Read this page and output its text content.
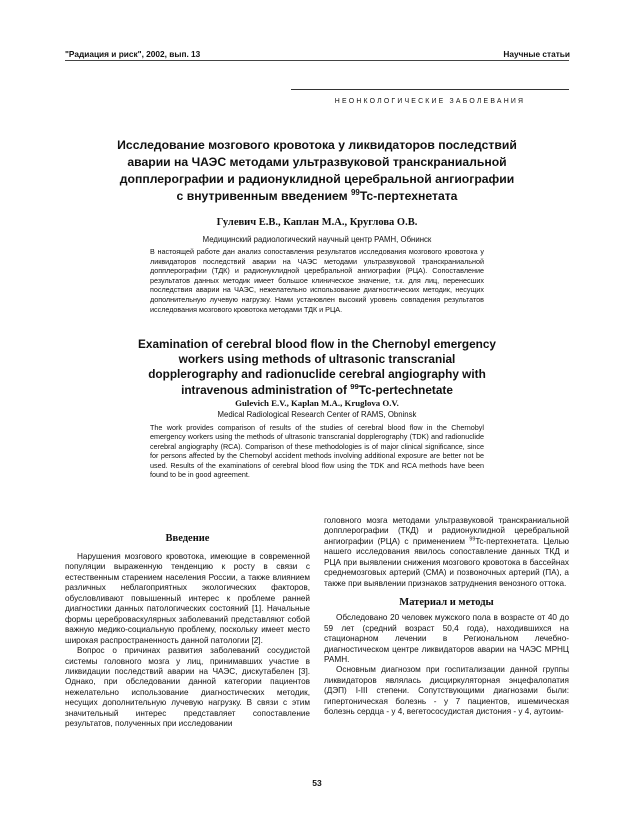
"Радиация и риск", 2002, вып. 13	Научные статьи
НЕОНКОЛОГИЧЕСКИЕ ЗАБОЛЕВАНИЯ
Исследование мозгового кровотока у ликвидаторов последствий
аварии на ЧАЭС методами ультразвуковой транскраниальной
допплерографии и радионуклидной церебральной ангиографии
с внутривенным введением $^{99}$Tc-пертехнетата
Гулевич Е.В., Каплан М.А., Круглова О.В.
Медицинский радиологический научный центр РАМН, Обнинск
В настоящей работе дан анализ сопоставления результатов исследования мозгового кровотока у ликвидаторов последствий аварии на ЧАЭС методами ультразвуковой транскраниальной допплерографии (ТДК) и радионуклидной церебральной ангиографии (РЦА). Сопоставление результатов данных методик имеет большое клиническое значение, т.к. для лиц, перенесших последствия аварии на ЧАЭС, нежелательно использование диагностических методик, несущих дополнительную лучевую нагрузку. Нами установлен высокий уровень совпадения результатов исследования мозгового кровотока методами ТДК и РЦА.
Examination of cerebral blood flow in the Chernobyl emergency
workers using methods of ultrasonic transcranial
dopplerography and radionuclide cerebral angiography with
intravenous administration of $^{99}$Tc-pertechnetate
Gulevich E.V., Kaplan M.A., Kruglova O.V.
Medical Radiological Research Center of RAMS, Obninsk
The work provides comparison of results of the studies of cerebral blood flow in the Chernobyl emergency workers using the methods of ultrasonic transcranial dopplerography (TDK) and radionuclide cerebral angiography (RCA). Comparison of these methodologies is of major clinical significance, since for persons affected by the Chernobyl accident methods involving additional exposure are better not be used. Results of the examinations of cerebral blood flow using the TDK and RCA methods have been found to be in good agreement.
Введение

Нарушения мозгового кровотока, имеющие в современной популяции выраженную тенденцию к росту в связи с естественным старением населения России, а также влиянием различных неблагоприятных экологических факторов, обусловливают повышенный интерес к проблеме ранней диагностики данных патологических состояний [1]. Начальные формы цереброваскулярных заболеваний представляют собой важную медико-социальную проблему, поскольку имеет место широкая распространенность данной патологии [2].

Вопрос о причинах развития заболеваний сосудистой системы головного мозга у лиц, принимавших участие в ликвидации последствий аварии на ЧАЭС, дискутабелен [3]. Однако, при обследовании данной категории пациентов нежелательно использование диагностических методик, несущих дополнительную лучевую нагрузку. В связи с этим значительный интерес представляет сопоставление результатов, полученных при исследовании

головного мозга методами ультразвуковой транскраниальной допплерографии (ТКД) и радионуклидной церебральной ангиографии (РЦА) с применением $^{99}$Tc-пертехнетата. Целью нашего исследования явилось сопоставление данных ТКД и РЦА при выявлении снижения мозгового кровотока в бассейнах среднемозговых артерий (СМА) и позвоночных артерий (ПА), а также при выявлении признаков затруднения венозного оттока.

Материал и методы

Обследовано 20 человек мужского пола в возрасте от 40 до 59 лет (средний возраст 50,4 года), находившихся на стационарном лечении в Региональном лечебно-диагностическом центре ликвидаторов аварии на ЧАЭС МРНЦ РАМН.

Основным диагнозом при госпитализации данной группы ликвидаторов являлась дисциркуляторная энцефалопатия (ДЭП) I-III степени. Сопутствующими диагнозами были: гипертоническая болезнь - у 7 пациентов, ишемическая болезнь сердца - у 4, вегетососудистая дистония - у 4, аутоим-

53
